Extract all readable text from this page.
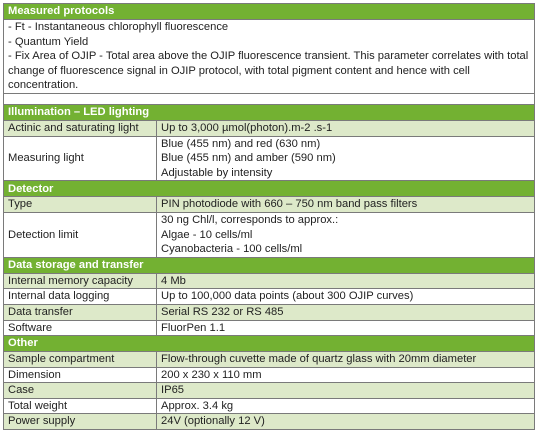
Measured protocols	

- Ft - Instantaneous chlorophyll fluorescence
- Quantum Yield
- Fix Area of OJIP - Total area above the OJIP fluorescence transient. This parameter correlates with total change of fluorescence signal in OJIP protocol, with total pigment content and hence with cell concentration.	

Illumination – LED lighting	
Actinic and saturating light	Up to 3,000 µmol(photon).m-2 .s-1
Measuring light	Blue (455 nm) and red (630 nm)
Blue (455 nm) and amber (590 nm)
Adjustable by intensity

Detector	
Type	PIN photodiode with 660 – 750 nm band pass filters
Detection limit	30 ng Chl/l, corresponds to approx.:
Algae - 10 cells/ml
Cyanobacteria - 100 cells/ml

Data storage and transfer	
Internal memory capacity	4 Mb
Internal data logging	Up to 100,000 data points (about 300 OJIP curves)
Data transfer	Serial RS 232 or RS 485
Software	FluorPen 1.1
Other	
Sample compartment	Flow-through cuvette made of quartz glass with 20mm diameter
Dimension	200 x 230 x 110 mm
Case	IP65
Total weight	Approx. 3.4 kg
Power supply	24V (optionally 12 V)
